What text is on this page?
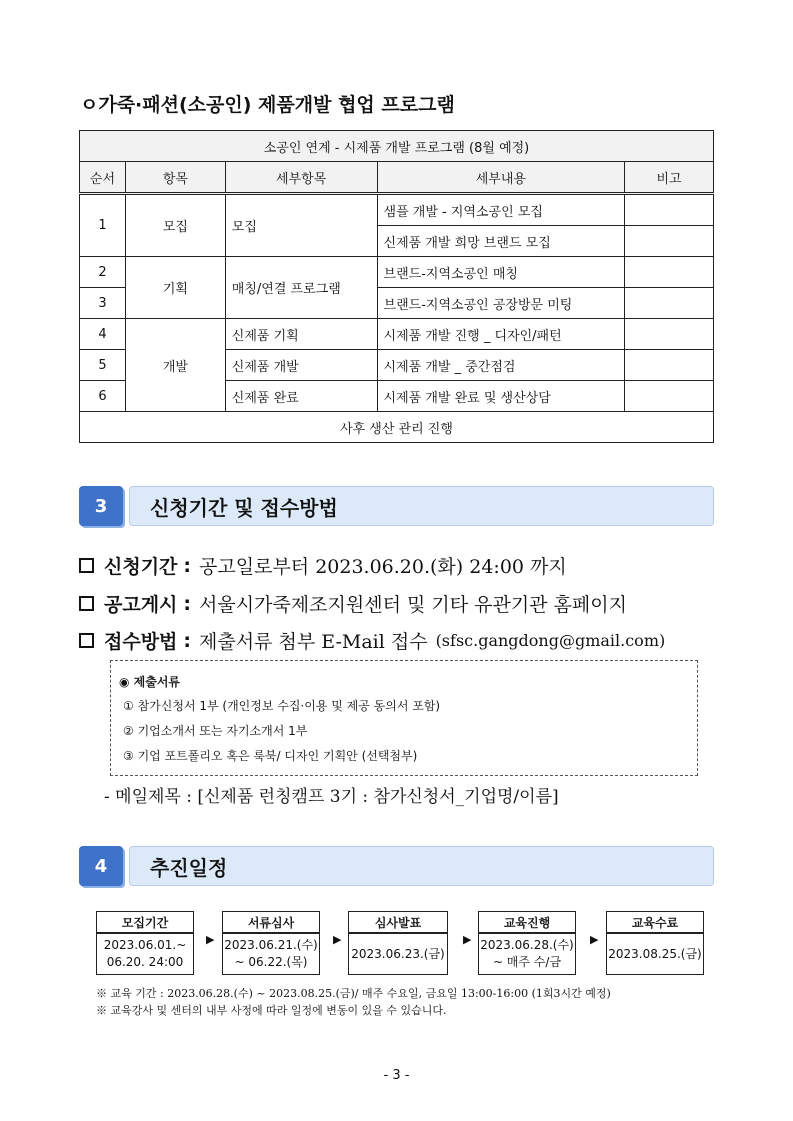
ㅇ가죽·패션(소공인) 제품개발 협업 프로그램
소공인 연계 - 시제품 개발 프로그램 (8월 예정)				
순서	항목	세부항목	세부내용	비고
1	모집	모집	샘플 개발 - 지역소공인 모집	
			신제품 개발 희망 브랜드 모집	
2	기획	매칭/연결 프로그램	브랜드-지역소공인 매칭	
3			브랜드-지역소공인 공장방문 미팅	
4	개발	신제품 기획	시제품 개발 진행 _ 디자인/패턴	
5		신제품 개발	시제품 개발 _ 중간점검	
6		신제품 완료	시제품 개발 완료 및 생산상담	
사후 생산 관리 진행				
3	신청기간 및 접수방법
신청기간 : 공고일로부터 2023.06.20.(화) 24:00 까지
공고게시 : 서울시가죽제조지원센터 및 기타 유관기관 홈페이지
접수방법 : 제출서류 첨부 E-Mail 접수 (sfsc.gangdong@gmail.com)
◉ 제출서류
① 참가신청서 1부 (개인정보 수집·이용 및 제공 동의서 포함)
② 기업소개서 또는 자기소개서 1부
③ 기업 포트폴리오 혹은 룩북/ 디자인 기획안 (선택첨부)
- 메일제목 : [신제품 런칭캠프 3기 : 참가신청서_기업명/이름]
4	추진일정
모집기간
2023.06.01.~
06.20. 24:00
▶
서류심사
2023.06.21.(수)
~ 06.22.(목)
▶
심사발표
2023.06.23.(금)
▶
교육진행
2023.06.28.(수)
~ 매주 수/금
▶
교육수료
2023.08.25.(금)
※ 교육 기간 : 2023.06.28.(수) ~ 2023.08.25.(금)/ 매주 수요일, 금요일 13:00-16:00 (1회3시간 예정)
※ 교육강사 및 센터의 내부 사정에 따라 일정에 변동이 있을 수 있습니다.
- 3 -
